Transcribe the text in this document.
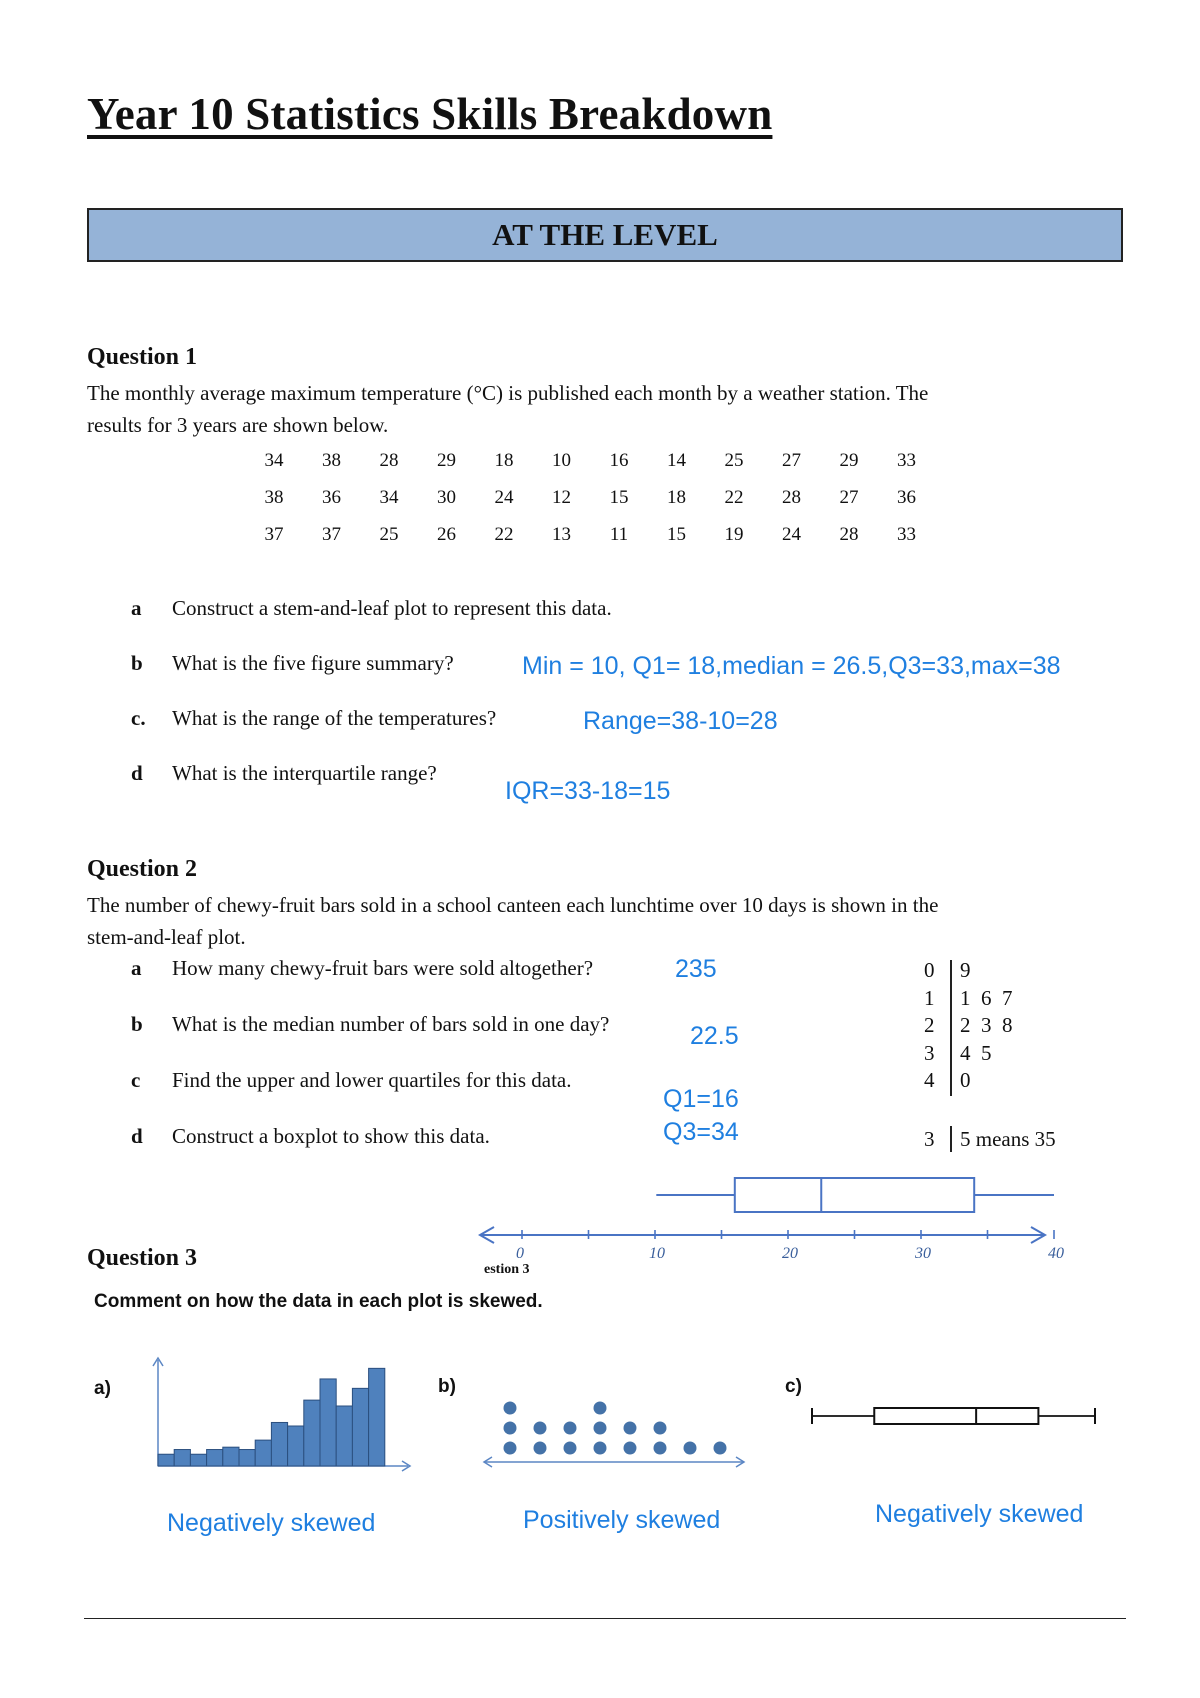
Year 10 Statistics Skills Breakdown
AT THE LEVEL
Question 1
The monthly average maximum temperature (°C) is published each month by a weather station. The
results for 3 years are shown below.
34	38	28	29	18	10	16	14	25	27	29	33
38	36	34	30	24	12	15	18	22	28	27	36
37	37	25	26	22	13	11	15	19	24	28	33
a Construct a stem-and-leaf plot to represent this data.
b What is the five figure summary?	Min = 10, Q1= 18,median = 26.5,Q3=33,max=38
c. What is the range of the temperatures?	Range=38-10=28
d What is the interquartile range?
IQR=33-18=15
Question 2
The number of chewy-fruit bars sold in a school canteen each lunchtime over 10 days is shown in the
stem-and-leaf plot.
a How many chewy-fruit bars were sold altogether?	235
b What is the median number of bars sold in one day?	22.5
c Find the upper and lower quartiles for this data.
Q1=16
d Construct a boxplot to show this data.	Q3=34
0 9
1 1  6  7
2 2  3  8
3 4  5
4 0
3 5 means 35
0	10	20	30	40
estion 3
Question 3
Comment on how the data in each plot is skewed.
a)	b)	c)
Negatively skewed	Positively skewed	Negatively skewed
